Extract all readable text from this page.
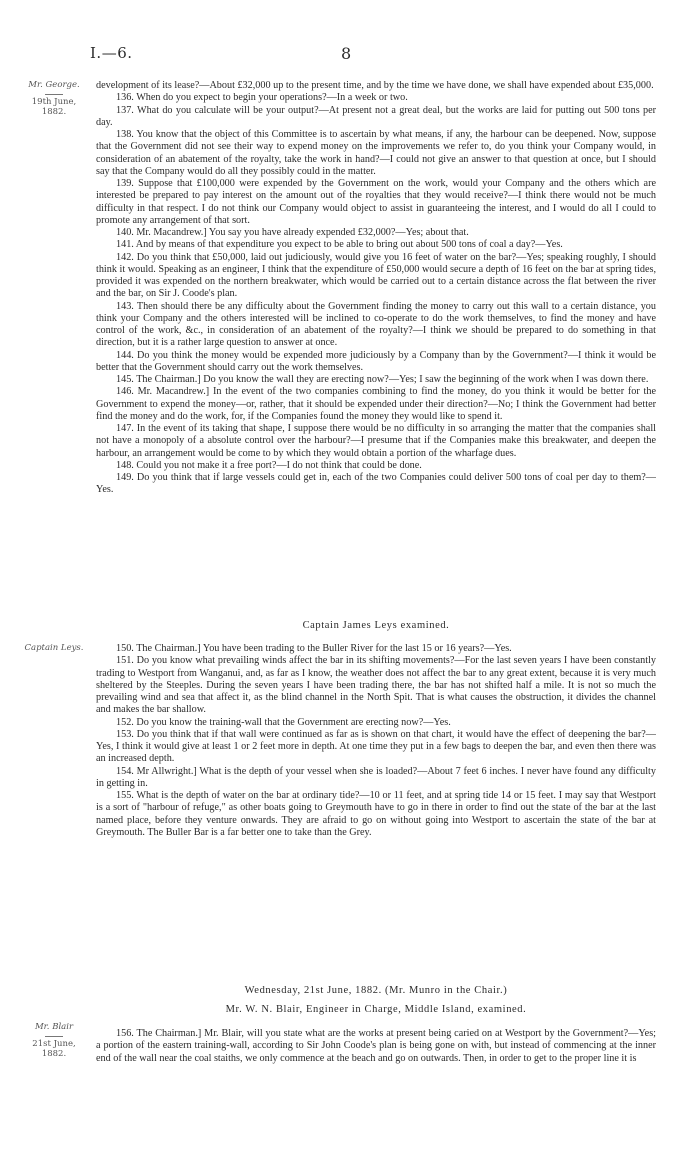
I.—6.	8
Mr. George.
19th June, 1882.

development of its lease?—About £32,000 up to the present time, and by the time we have done, we shall have expended about £35,000.

136. When do you expect to begin your operations?—In a week or two.

137. What do you calculate will be your output?—At present not a great deal, but the works are laid for putting out 500 tons per day.

138. You know that the object of this Committee is to ascertain by what means, if any, the harbour can be deepened. Now, suppose that the Government did not see their way to expend money on the improvements we refer to, do you think your Company would, in consideration of an abatement of the royalty, take the work in hand?—I could not give an answer to that question at once, but I should say that the Company would do all they possibly could in the matter.

139. Suppose that £100,000 were expended by the Government on the work, would your Company and the others which are interested be prepared to pay interest on the amount out of the royalties that they would receive?—I think there would not be much difficulty in that respect. I do not think our Company would object to assist in guaranteeing the interest, and I would do all I could to promote any arrangement of that sort.

140. Mr. Macandrew.] You say you have already expended £32,000?—Yes; about that.

141. And by means of that expenditure you expect to be able to bring out about 500 tons of coal a day?—Yes.

142. Do you think that £50,000, laid out judiciously, would give you 16 feet of water on the bar?—Yes; speaking roughly, I should think it would. Speaking as an engineer, I think that the expenditure of £50,000 would secure a depth of 16 feet on the bar at spring tides, provided it was expended on the northern breakwater, which would be carried out to a certain distance across the flat between the river and the bar, on Sir J. Coode's plan.

143. Then should there be any difficulty about the Government finding the money to carry out this wall to a certain distance, you think your Company and the others interested will be inclined to co-operate to do the work themselves, to find the money and have control of the work, &c., in consideration of an abatement of the royalty?—I think we should be prepared to do something in that direction, but it is a rather large question to answer at once.

144. Do you think the money would be expended more judiciously by a Company than by the Government?—I think it would be better that the Government should carry out the work themselves.

145. The Chairman.] Do you know the wall they are erecting now?—Yes; I saw the beginning of the work when I was down there.

146. Mr. Macandrew.] In the event of the two companies combining to find the money, do you think it would be better for the Government to expend the money—or, rather, that it should be expended under their direction?—No; I think the Government had better find the money and do the work, for, if the Companies found the money they would like to spend it.

147. In the event of its taking that shape, I suppose there would be no difficulty in so arranging the matter that the companies shall not have a monopoly of a absolute control over the harbour?—I presume that if the Companies make this breakwater, and deepen the harbour, an arrangement would be come to by which they would obtain a portion of the wharfage dues.

148. Could you not make it a free port?—I do not think that could be done.

149. Do you think that if large vessels could get in, each of the two Companies could deliver 500 tons of coal per day to them?—Yes.

Captain James Leys examined.
Captain Leys.	150. The Chairman.] You have been trading to the Buller River for the last 15 or 16 years?—Yes.

151. Do you know what prevailing winds affect the bar in its shifting movements?—For the last seven years I have been constantly trading to Westport from Wanganui, and, as far as I know, the weather does not affect the bar to any great extent, because it is very much sheltered by the Steeples. During the seven years I have been trading there, the bar has not shifted half a mile. It is not so much the prevailing wind and sea that affect it, as the blind channel in the North Spit. That is what causes the obstruction, it divides the channel and makes the bar shallow.

152. Do you know the training-wall that the Government are erecting now?—Yes.

153. Do you think that if that wall were continued as far as is shown on that chart, it would have the effect of deepening the bar?—Yes, I think it would give at least 1 or 2 feet more in depth. At one time they put in a few bags to deepen the bar, and even then there was an increased depth.

154. Mr Allwright.] What is the depth of your vessel when she is loaded?—About 7 feet 6 inches. I never have found any difficulty in getting in.

155. What is the depth of water on the bar at ordinary tide?—10 or 11 feet, and at spring tide 14 or 15 feet. I may say that Westport is a sort of "harbour of refuge," as other boats going to Greymouth have to go in there in order to find out the state of the bar at the last named place, before they venture onwards. They are afraid to go on without going into Westport to ascertain the state of the bar at Greymouth. The Buller Bar is a far better one to take than the Grey.

Wednesday, 21st June, 1882. (Mr. Munro in the Chair.)
Mr. W. N. Blair, Engineer in Charge, Middle Island, examined.
Mr. Blair
21st June, 1882.

156. The Chairman.] Mr. Blair, will you state what are the works at present being caried on at Westport by the Government?—Yes; a portion of the eastern training-wall, according to Sir John Coode's plan is being gone on with, but instead of commencing at the inner end of the wall near the coal staiths, we only commence at the beach and go on outwards. Then, in order to get to the proper line it is
